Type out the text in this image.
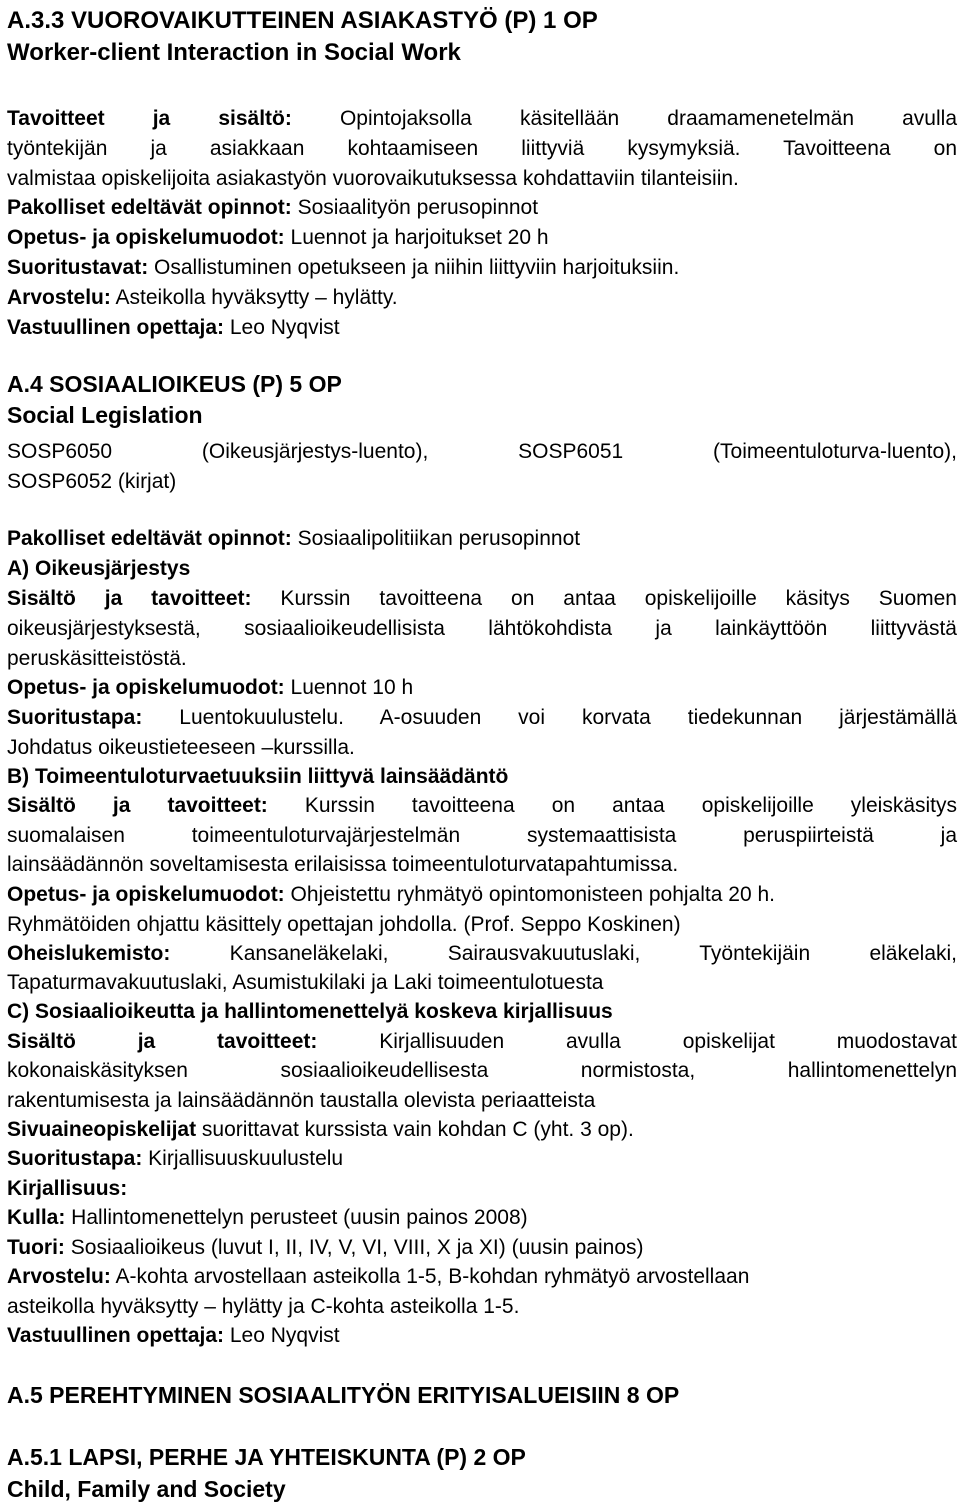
A.3.3 VUOROVAIKUTTEINEN ASIAKASTYÖ (P) 1 OP
Worker-client Interaction in Social Work
Tavoitteet ja sisältö: Opintojaksolla käsitellään draamamenetelmän avulla
työntekijän ja asiakkaan kohtaamiseen liittyviä kysymyksiä. Tavoitteena on
valmistaa opiskelijoita asiakastyön vuorovaikutuksessa kohdattaviin tilanteisiin.
Pakolliset edeltävät opinnot: Sosiaalityön perusopinnot
Opetus- ja opiskelumuodot: Luennot ja harjoitukset 20 h
Suoritustavat: Osallistuminen opetukseen ja niihin liittyviin harjoituksiin.
Arvostelu: Asteikolla hyväksytty – hylätty.
Vastuullinen opettaja: Leo Nyqvist
A.4 SOSIAALIOIKEUS (P) 5 OP
Social Legislation
SOSP6050 (Oikeusjärjestys-luento), SOSP6051 (Toimeentuloturva-luento),
SOSP6052 (kirjat)
Pakolliset edeltävät opinnot: Sosiaalipolitiikan perusopinnot
A) Oikeusjärjestys
Sisältö ja tavoitteet: Kurssin tavoitteena on antaa opiskelijoille käsitys Suomen
oikeusjärjestyksestä, sosiaalioikeudellisista lähtökohdista ja lainkäyttöön liittyvästä
peruskäsitteistöstä.
Opetus- ja opiskelumuodot: Luennot 10 h
Suoritustapa: Luentokuulustelu. A-osuuden voi korvata tiedekunnan järjestämällä
Johdatus oikeustieteeseen –kurssilla.
B) Toimeentuloturvaetuuksiin liittyvä lainsäädäntö
Sisältö ja tavoitteet: Kurssin tavoitteena on antaa opiskelijoille yleiskäsitys
suomalaisen toimeentuloturvajärjestelmän systemaattisista peruspiirteistä ja
lainsäädännön soveltamisesta erilaisissa toimeentuloturvatapahtumissa.
Opetus- ja opiskelumuodot: Ohjeistettu ryhmätyö opintomonisteen pohjalta 20 h.
Ryhmätöiden ohjattu käsittely opettajan johdolla. (Prof. Seppo Koskinen)
Oheislukemisto: Kansaneläkelaki, Sairausvakuutuslaki, Työntekijäin eläkelaki,
Tapaturmavakuutuslaki, Asumistukilaki ja Laki toimeentulotuesta
C) Sosiaalioikeutta ja hallintomenettelyä koskeva kirjallisuus
Sisältö ja tavoitteet: Kirjallisuuden avulla opiskelijat muodostavat
kokonaiskäsityksen sosiaalioikeudellisesta normistosta, hallintomenettelyn
rakentumisesta ja lainsäädännön taustalla olevista periaatteista
Sivuaineopiskelijat suorittavat kurssista vain kohdan C (yht. 3 op).
Suoritustapa: Kirjallisuuskuulustelu
Kirjallisuus:
Kulla: Hallintomenettelyn perusteet (uusin painos 2008)
Tuori: Sosiaalioikeus (luvut I, II, IV, V, VI, VIII, X ja XI) (uusin painos)
Arvostelu: A-kohta arvostellaan asteikolla 1-5, B-kohdan ryhmätyö arvostellaan
asteikolla hyväksytty – hylätty ja C-kohta asteikolla 1-5.
Vastuullinen opettaja: Leo Nyqvist
A.5 PEREHTYMINEN SOSIAALITYÖN ERITYISALUEISIIN 8 OP
A.5.1 LAPSI, PERHE JA YHTEISKUNTA (P) 2 OP
Child, Family and Society
